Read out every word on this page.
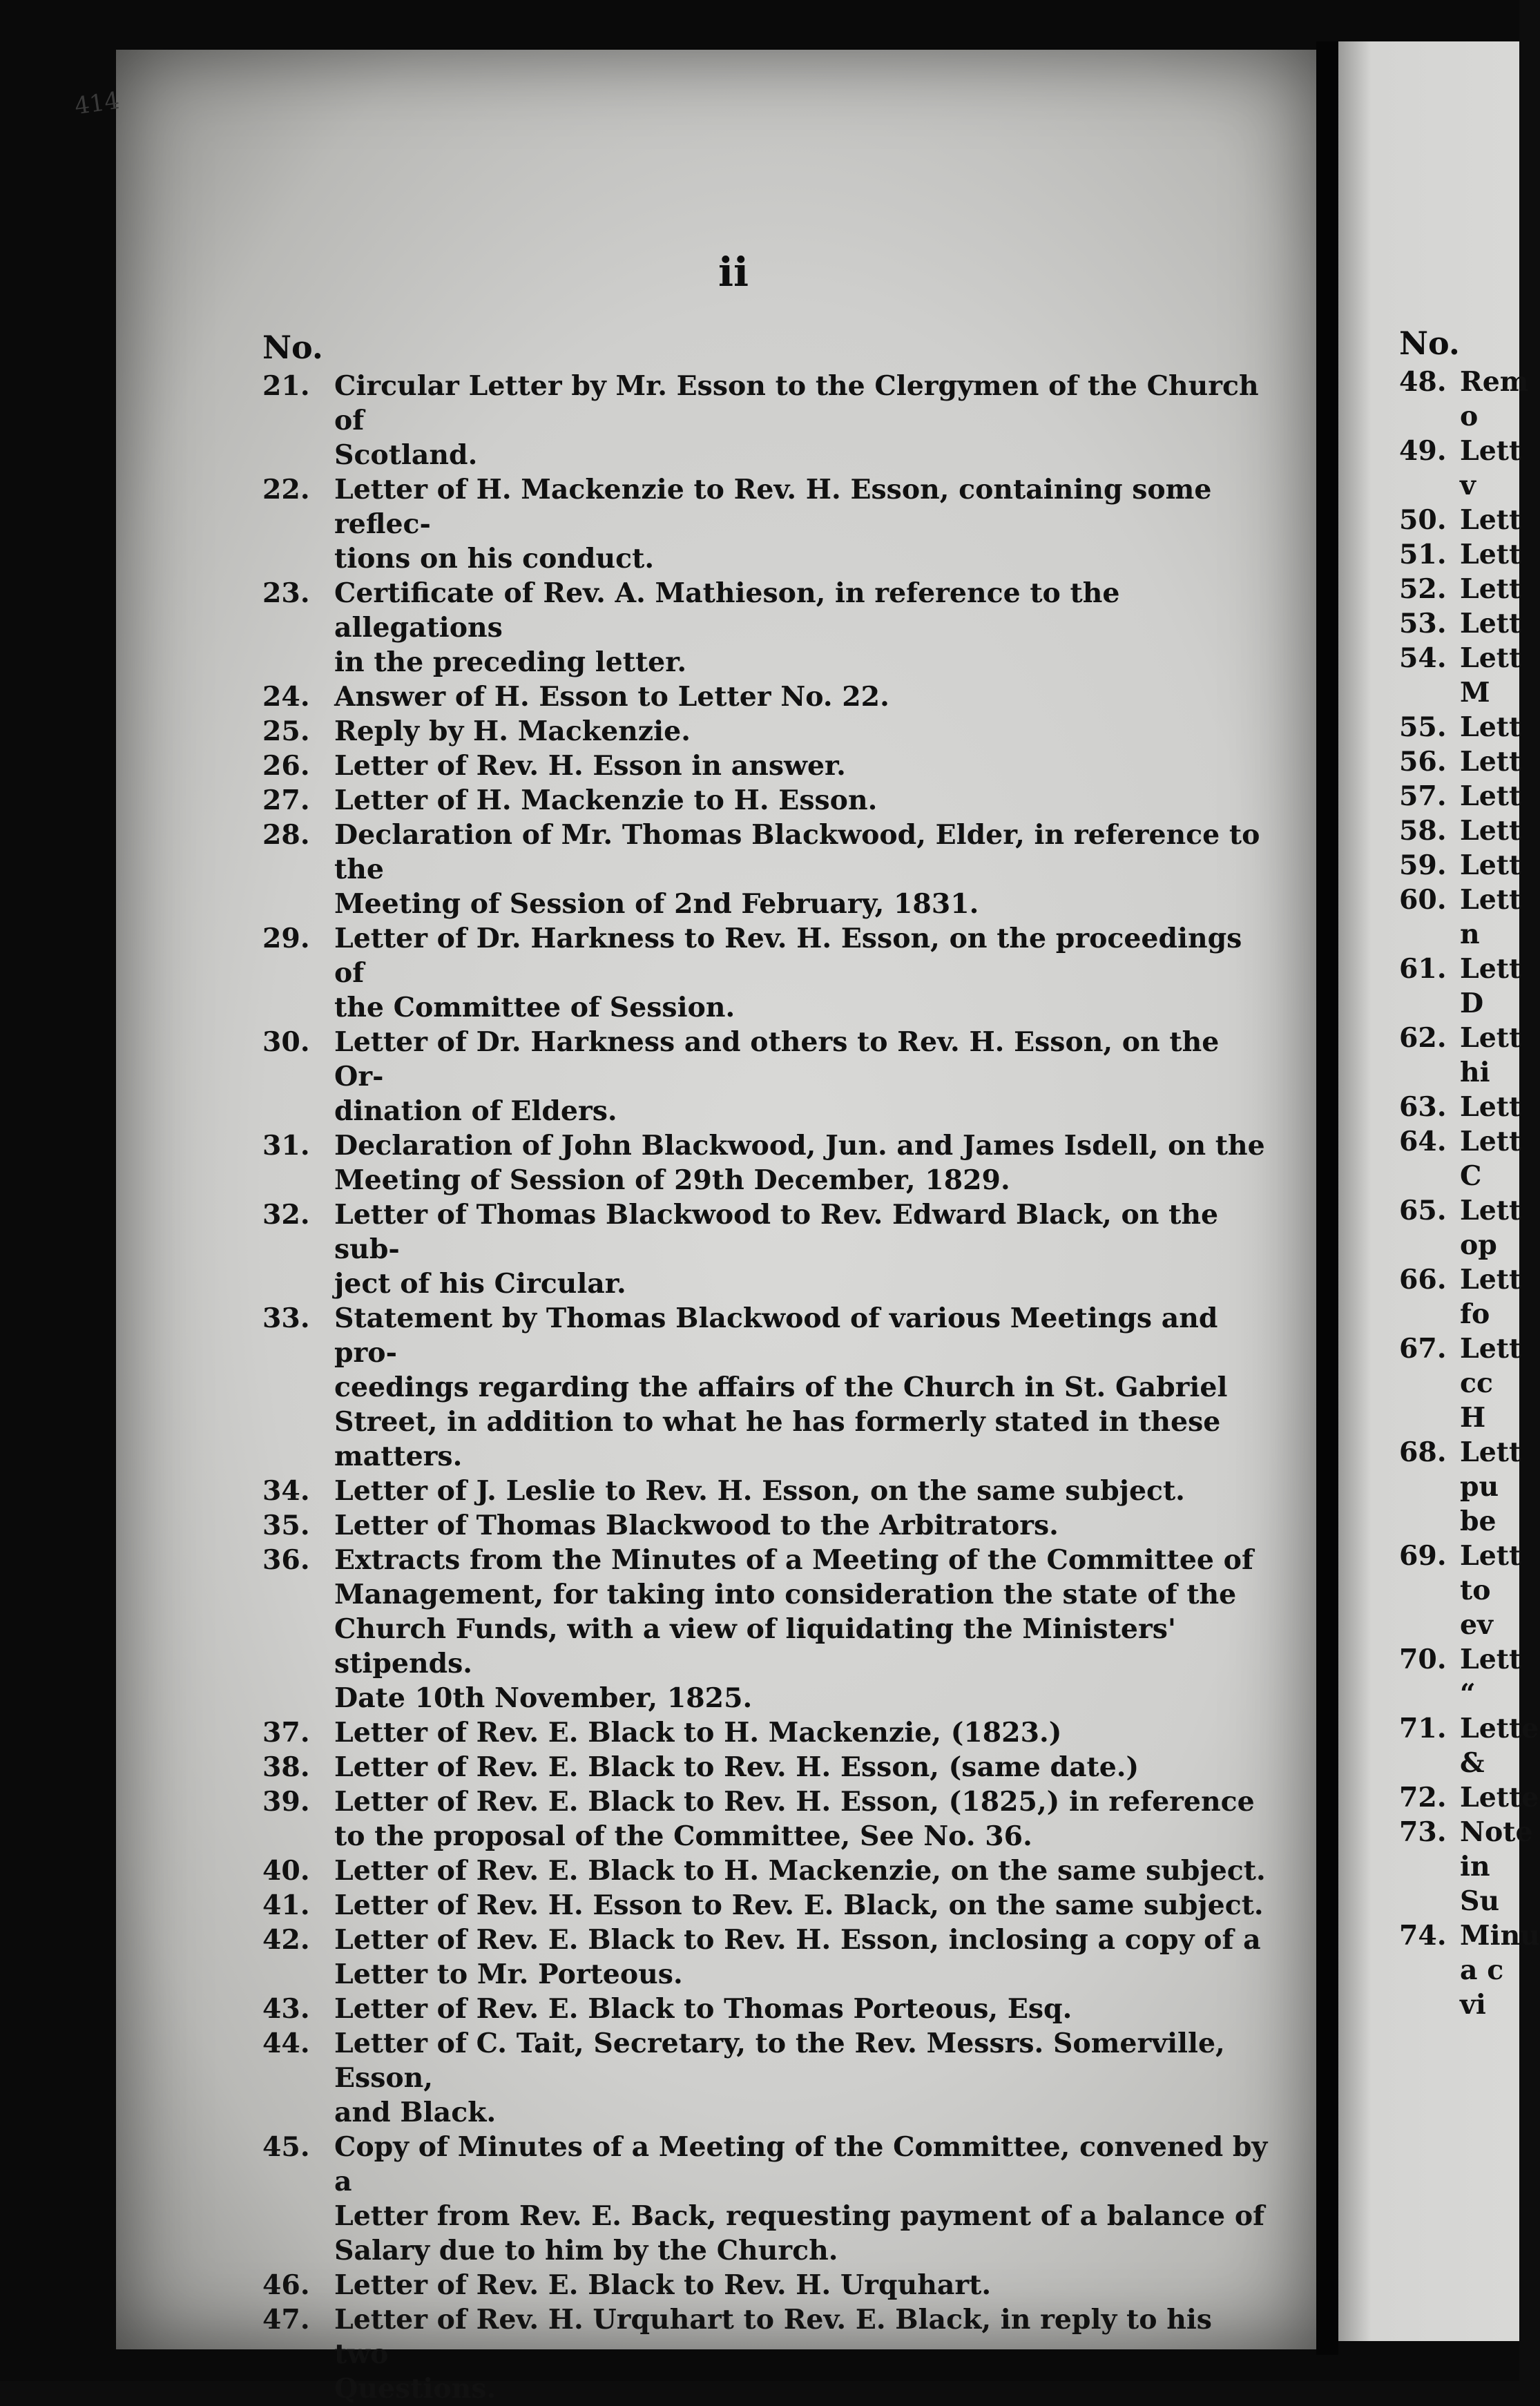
414
ii
No.
21. Circular Letter by Mr. Esson to the Clergymen of the Church of
Scotland.
22. Letter of H. Mackenzie to Rev. H. Esson, containing some reflec-
tions on his conduct.
23. Certificate of Rev. A. Mathieson, in reference to the allegations
in the preceding letter.
24. Answer of H. Esson to Letter No. 22.
25. Reply by H. Mackenzie.
26. Letter of Rev. H. Esson in answer.
27. Letter of H. Mackenzie to H. Esson.
28. Declaration of Mr. Thomas Blackwood, Elder, in reference to the
Meeting of Session of 2nd February, 1831.
29. Letter of Dr. Harkness to Rev. H. Esson, on the proceedings of
the Committee of Session.
30. Letter of Dr. Harkness and others to Rev. H. Esson, on the Or-
dination of Elders.
31. Declaration of John Blackwood, Jun. and James Isdell, on the
Meeting of Session of 29th December, 1829.
32. Letter of Thomas Blackwood to Rev. Edward Black, on the sub-
ject of his Circular.
33. Statement by Thomas Blackwood of various Meetings and pro-
ceedings regarding the affairs of the Church in St. Gabriel
Street, in addition to what he has formerly stated in these
matters.
34. Letter of J. Leslie to Rev. H. Esson, on the same subject.
35. Letter of Thomas Blackwood to the Arbitrators.
36. Extracts from the Minutes of a Meeting of the Committee of
Management, for taking into consideration the state of the
Church Funds, with a view of liquidating the Ministers' stipends.
Date 10th November, 1825.
37. Letter of Rev. E. Black to H. Mackenzie, (1823.)
38. Letter of Rev. E. Black to Rev. H. Esson, (same date.)
39. Letter of Rev. E. Black to Rev. H. Esson, (1825,) in reference
to the proposal of the Committee, See No. 36.
40. Letter of Rev. E. Black to H. Mackenzie, on the same subject.
41. Letter of Rev. H. Esson to Rev. E. Black, on the same subject.
42. Letter of Rev. E. Black to Rev. H. Esson, inclosing a copy of a
Letter to Mr. Porteous.
43. Letter of Rev. E. Black to Thomas Porteous, Esq.
44. Letter of C. Tait, Secretary, to the Rev. Messrs. Somerville, Esson,
and Black.
45. Copy of Minutes of a Meeting of the Committee, convened by a
Letter from Rev. E. Back, requesting payment of a balance of
Salary due to him by the Church.
46. Letter of Rev. E. Black to Rev. H. Urquhart.
47. Letter of Rev. H. Urquhart to Rev. E. Black, in reply to his two
Questions.
No.
48. Rem
o
49. Lett
v
50. Lett
51. Lett
52. Lett
53. Lett
54. Lett
M
55. Lett
56. Lett
57. Lett
58. Lett
59. Lett
60. Lett
n
61. Lett
D
62. Lett
hi
63. Lett
64. Lett
C
65. Lett
op
66. Lett
fo
67. Lett
cc
H
68. Lett
pu
be
69. Lett
to
ev
70. Lett
“
71. Lette
&
72. Lette
73. Note
in
Su
74. Minu
a c
vi
